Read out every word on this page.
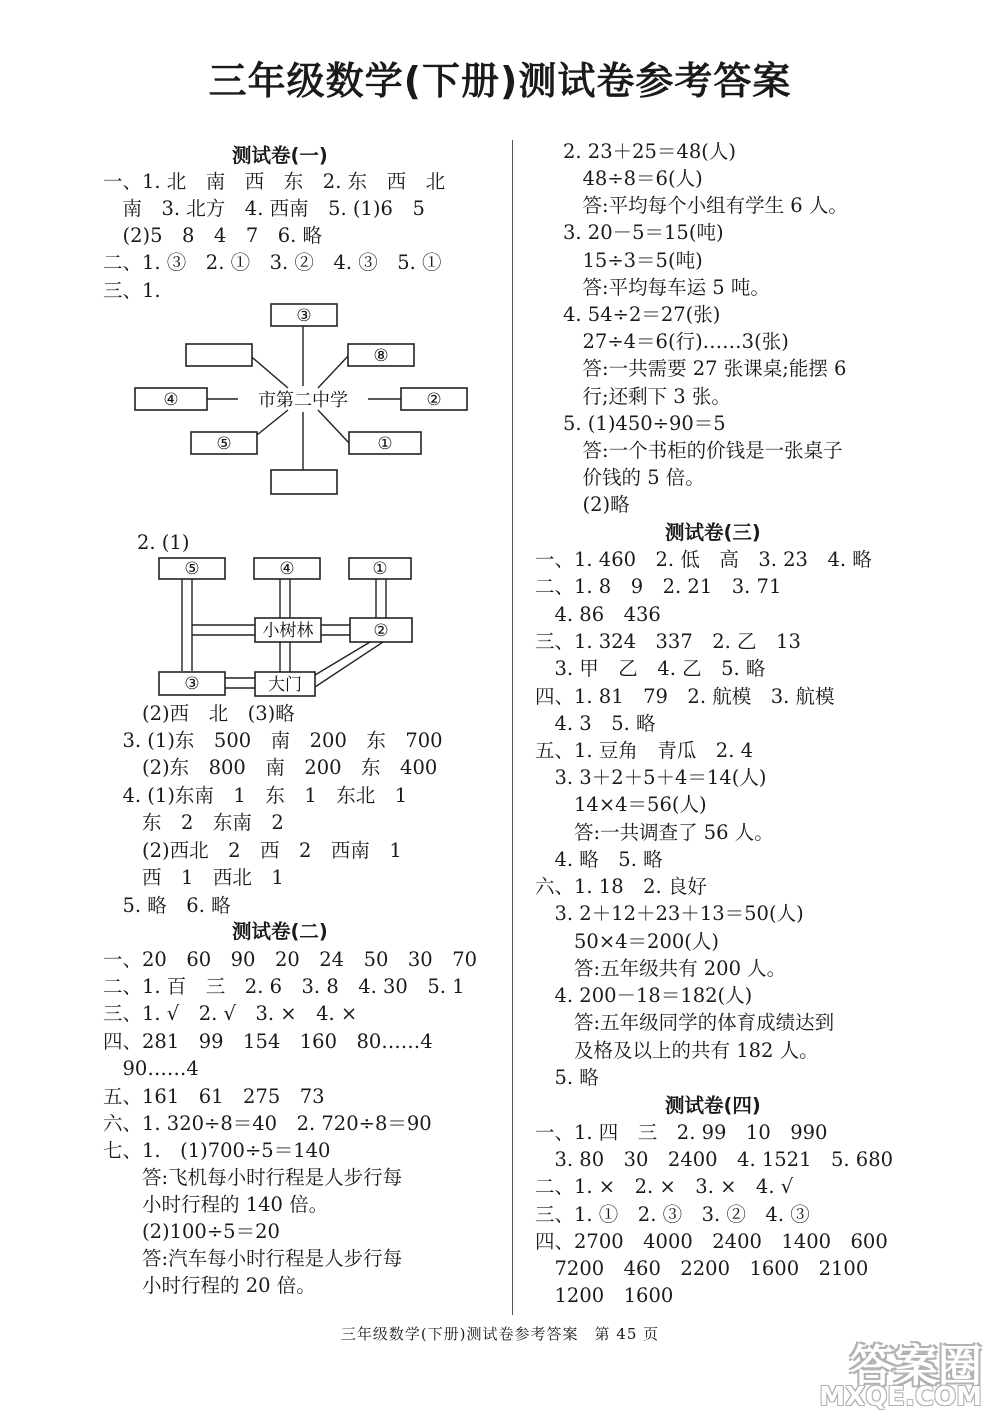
三年级数学(下册)测试卷参考答案
测试卷(一)
一、1. 北　南　西　东　2. 东　西　北
　南　3. 北方　4. 西南　5. (1)6　5
　(2)5　8　4　7　6. 略
二、1. ③　2. ①　3. ②　4. ③　5. ①
三、1.
③
⑧
④	市第二中学	②
⑤	①
2. (1)
⑤	④	①
小树林	②
③	大门
　　(2)西　北　(3)略
　3. (1)东　500　南　200　东　700
　　(2)东　800　南　200　东　400
　4. (1)东南　1　东　1　东北　1
　　东　2　东南　2
　　(2)西北　2　西　2　西南　1
　　西　1　西北　1
　5. 略　6. 略
测试卷(二)
一、20　60　90　20　24　50　30　70
二、1. 百　三　2. 6　3. 8　4. 30　5. 1
三、1. √　2. √　3. ×　4. ×
四、281　99　154　160　80……4
　90……4
五、161　61　275　73
六、1. 320÷8＝40　2. 720÷8＝90
七、1.　(1)700÷5＝140
　　答:飞机每小时行程是人步行每
　　小时行程的 140 倍。
　　(2)100÷5＝20
　　答:汽车每小时行程是人步行每
　　小时行程的 20 倍。
2. 23＋25＝48(人)
　48÷8＝6(人)
　答:平均每个小组有学生 6 人。
3. 20－5＝15(吨)
　15÷3＝5(吨)
　答:平均每车运 5 吨。
4. 54÷2＝27(张)
　27÷4＝6(行)……3(张)
　答:一共需要 27 张课桌;能摆 6
　行;还剩下 3 张。
5. (1)450÷90＝5
　答:一个书柜的价钱是一张桌子
　价钱的 5 倍。
　(2)略
测试卷(三)
一、1. 460　2. 低　高　3. 23　4. 略
二、1. 8　9　2. 21　3. 71
　4. 86　436
三、1. 324　337　2. 乙　13
　3. 甲　乙　4. 乙　5. 略
四、1. 81　79　2. 航模　3. 航模
　4. 3　5. 略
五、1. 豆角　青瓜　2. 4
　3. 3＋2＋5＋4＝14(人)
　　14×4＝56(人)
　　答:一共调查了 56 人。
　4. 略　5. 略
六、1. 18　2. 良好
　3. 2＋12＋23＋13＝50(人)
　　50×4＝200(人)
　　答:五年级共有 200 人。
　4. 200－18＝182(人)
　　答:五年级同学的体育成绩达到
　　及格及以上的共有 182 人。
　5. 略
测试卷(四)
一、1. 四　三　2. 99　10　990
　3. 80　30　2400　4. 1521　5. 680
二、1. ×　2. ×　3. ×　4. √
三、1. ①　2. ③　3. ②　4. ③
四、2700　4000　2400　1400　600
　7200　460　2200　1600　2100
　1200　1600
三年级数学(下册)测试卷参考答案　第 45 页
答案圈
MXQE.COM
